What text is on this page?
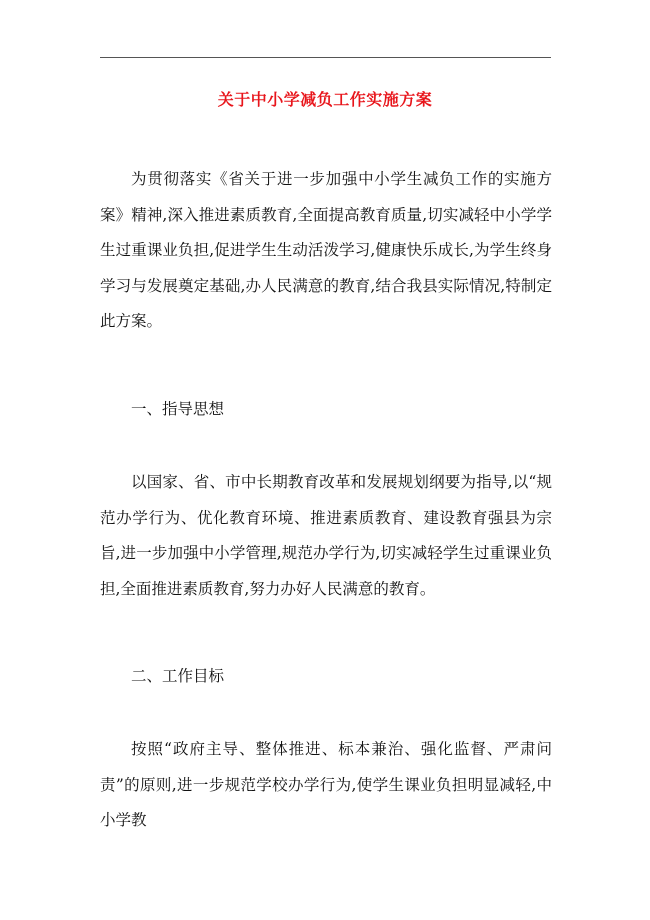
关于中小学减负工作实施方案

为贯彻落实《省关于进一步加强中小学生减负工作的实施方案》精神,深入推进素质教育,全面提高教育质量,切实减轻中小学学生过重课业负担,促进学生生动活泼学习,健康快乐成长,为学生终身学习与发展奠定基础,办人民满意的教育,结合我县实际情况,特制定此方案。

一、指导思想

以国家、省、市中长期教育改革和发展规划纲要为指导,以“规范办学行为、优化教育环境、推进素质教育、建设教育强县为宗旨,进一步加强中小学管理,规范办学行为,切实减轻学生过重课业负担,全面推进素质教育,努力办好人民满意的教育。

二、工作目标

按照“政府主导、整体推进、标本兼治、强化监督、严肃问责”的原则,进一步规范学校办学行为,使学生课业负担明显减轻,中小学教
